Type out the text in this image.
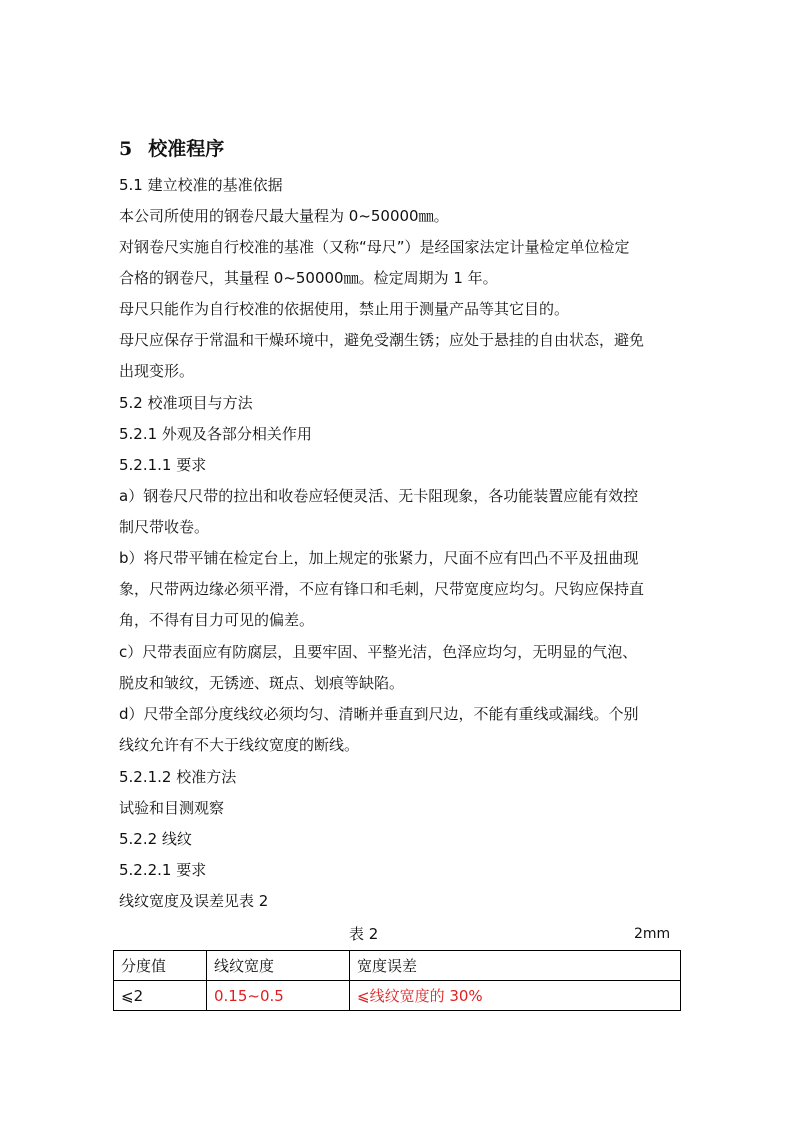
5 校准程序
5.1 建立校准的基准依据
本公司所使用的钢卷尺最大量程为 0~50000㎜。
对钢卷尺实施自行校准的基准（又称“母尺”）是经国家法定计量检定单位检定
合格的钢卷尺，其量程 0~50000㎜。检定周期为 1 年。
母尺只能作为自行校准的依据使用，禁止用于测量产品等其它目的。
母尺应保存于常温和干燥环境中，避免受潮生锈；应处于悬挂的自由状态，避免
出现变形。
5.2 校准项目与方法
5.2.1 外观及各部分相关作用
5.2.1.1 要求
a）钢卷尺尺带的拉出和收卷应轻便灵活、无卡阻现象，各功能装置应能有效控
制尺带收卷。
b）将尺带平铺在检定台上，加上规定的张紧力，尺面不应有凹凸不平及扭曲现
象，尺带两边缘必须平滑，不应有锋口和毛刺，尺带宽度应均匀。尺钩应保持直
角，不得有目力可见的偏差。
c）尺带表面应有防腐层，且要牢固、平整光洁，色泽应均匀，无明显的气泡、
脱皮和皱纹，无锈迹、斑点、划痕等缺陷。
d）尺带全部分度线纹必须均匀、清晰并垂直到尺边，不能有重线或漏线。个别
线纹允许有不大于线纹宽度的断线。
5.2.1.2 校准方法
试验和目测观察
5.2.2 线纹
5.2.2.1 要求
线纹宽度及误差见表 2
表 2	2mm
分度值	线纹宽度	宽度误差
⩽2	0.15~0.5	⩽线纹宽度的 30%
